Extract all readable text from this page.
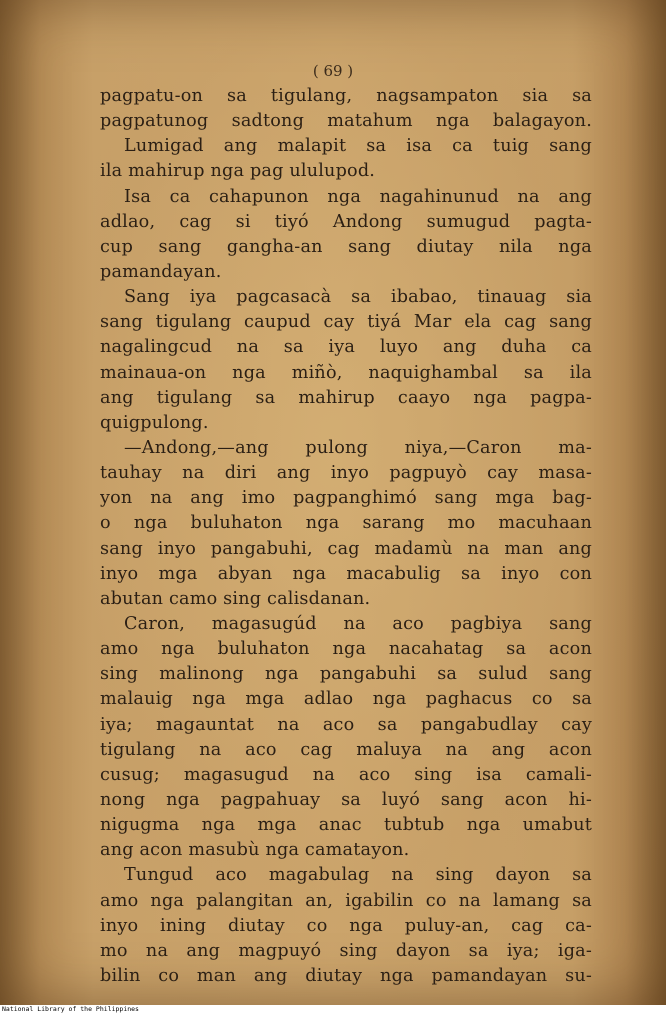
( 69 )
pagpatu-on sa tigulang, nagsampaton sia sa
pagpatunog sadtong matahum nga balagayon.
Lumigad ang malapit sa isa ca tuig sang
ila mahirup nga pag ululupod.
Isa ca cahapunon nga nagahinunud na ang
adlao, cag si tiyó Andong sumugud pagta-
cup sang gangha-an sang diutay nila nga
pamandayan.
Sang iya pagcasacà sa ibabao, tinauag sia
sang tigulang caupud cay tiyá Mar ela cag sang
nagalingcud na sa iya luyo ang duha ca
mainaua-on nga miñò, naquighambal sa ila
ang tigulang sa mahirup caayo nga pagpa-
quigpulong.
—Andong,—ang pulong niya,—Caron ma-
tauhay na diri ang inyo pagpuyò cay masa-
yon na ang imo pagpanghimó sang mga bag-
o nga buluhaton nga sarang mo macuhaan
sang inyo pangabuhi, cag madamù na man ang
inyo mga abyan nga macabulig sa inyo con
abutan camo sing calisdanan.
Caron, magasugúd na aco pagbiya sang
amo nga buluhaton nga nacahatag sa acon
sing malinong nga pangabuhi sa sulud sang
malauig nga mga adlao nga paghacus co sa
iya; magauntat na aco sa pangabudlay cay
tigulang na aco cag maluya na ang acon
cusug; magasugud na aco sing isa camali-
nong nga pagpahuay sa luyó sang acon hi-
nigugma nga mga anac tubtub nga umabut
ang acon masubù nga camatayon.
Tungud aco magabulag na sing dayon sa
amo nga palangitan an, igabilin co na lamang sa
inyo ining diutay co nga puluy-an, cag ca-
mo na ang magpuyó sing dayon sa iya; iga-
bilin co man ang diutay nga pamandayan su-
National Library of the Philippines
